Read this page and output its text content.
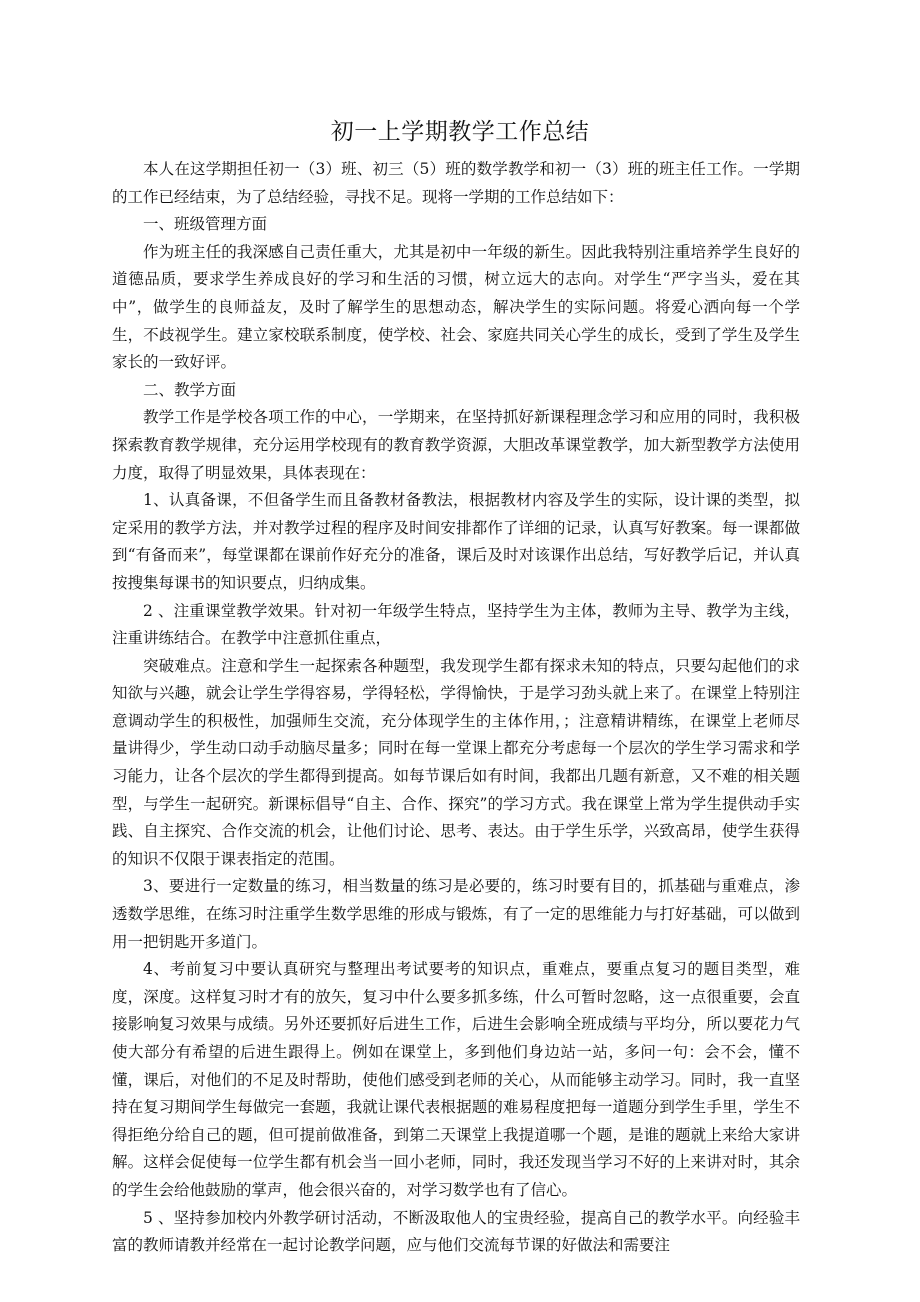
初一上学期教学工作总结

本人在这学期担任初一（3）班、初三（5）班的数学教学和初一（3）班的班主任工作。一学期的工作已经结束，为了总结经验，寻找不足。现将一学期的工作总结如下：

一、班级管理方面

作为班主任的我深感自己责任重大，尤其是初中一年级的新生。因此我特别注重培养学生良好的道德品质，要求学生养成良好的学习和生活的习惯，树立远大的志向。对学生“严字当头，爱在其中”，做学生的良师益友，及时了解学生的思想动态，解决学生的实际问题。将爱心洒向每一个学生，不歧视学生。建立家校联系制度，使学校、社会、家庭共同关心学生的成长，受到了学生及学生家长的一致好评。

二、教学方面

教学工作是学校各项工作的中心，一学期来，在坚持抓好新课程理念学习和应用的同时，我积极探索教育教学规律，充分运用学校现有的教育教学资源，大胆改革课堂教学，加大新型教学方法使用力度，取得了明显效果，具体表现在：

1、认真备课，不但备学生而且备教材备教法，根据教材内容及学生的实际，设计课的类型，拟定采用的教学方法，并对教学过程的程序及时间安排都作了详细的记录，认真写好教案。每一课都做到“有备而来”，每堂课都在课前作好充分的准备，课后及时对该课作出总结，写好教学后记，并认真按搜集每课书的知识要点，归纳成集。

2 、注重课堂教学效果。针对初一年级学生特点，坚持学生为主体，教师为主导、教学为主线，注重讲练结合。在教学中注意抓住重点，

突破难点。注意和学生一起探索各种题型，我发现学生都有探求未知的特点，只要勾起他们的求知欲与兴趣，就会让学生学得容易，学得轻松，学得愉快，于是学习劲头就上来了。在课堂上特别注意调动学生的积极性，加强师生交流，充分体现学生的主体作用，；注意精讲精练，在课堂上老师尽量讲得少，学生动口动手动脑尽量多；同时在每一堂课上都充分考虑每一个层次的学生学习需求和学习能力，让各个层次的学生都得到提高。如每节课后如有时间，我都出几题有新意，又不难的相关题型，与学生一起研究。新课标倡导“自主、合作、探究”的学习方式。我在课堂上常为学生提供动手实践、自主探究、合作交流的机会，让他们讨论、思考、表达。由于学生乐学，兴致高昂，使学生获得的知识不仅限于课表指定的范围。

3、要进行一定数量的练习，相当数量的练习是必要的，练习时要有目的，抓基础与重难点，渗透数学思维，在练习时注重学生数学思维的形成与锻炼，有了一定的思维能力与打好基础，可以做到用一把钥匙开多道门。

4、考前复习中要认真研究与整理出考试要考的知识点，重难点，要重点复习的题目类型，难度，深度。这样复习时才有的放矢，复习中什么要多抓多练，什么可暂时忽略，这一点很重要，会直接影响复习效果与成绩。另外还要抓好后进生工作，后进生会影响全班成绩与平均分，所以要花力气使大部分有希望的后进生跟得上。例如在课堂上，多到他们身边站一站，多问一句：会不会，懂不懂，课后，对他们的不足及时帮助，使他们感受到老师的关心，从而能够主动学习。同时，我一直坚持在复习期间学生每做完一套题，我就让课代表根据题的难易程度把每一道题分到学生手里，学生不得拒绝分给自己的题，但可提前做准备，到第二天课堂上我提道哪一个题，是谁的题就上来给大家讲解。这样会促使每一位学生都有机会当一回小老师，同时，我还发现当学习不好的上来讲对时，其余的学生会给他鼓励的掌声，他会很兴奋的，对学习数学也有了信心。

5 、坚持参加校内外教学研讨活动，不断汲取他人的宝贵经验，提高自己的教学水平。向经验丰富的教师请教并经常在一起讨论教学问题，应与他们交流每节课的好做法和需要注
